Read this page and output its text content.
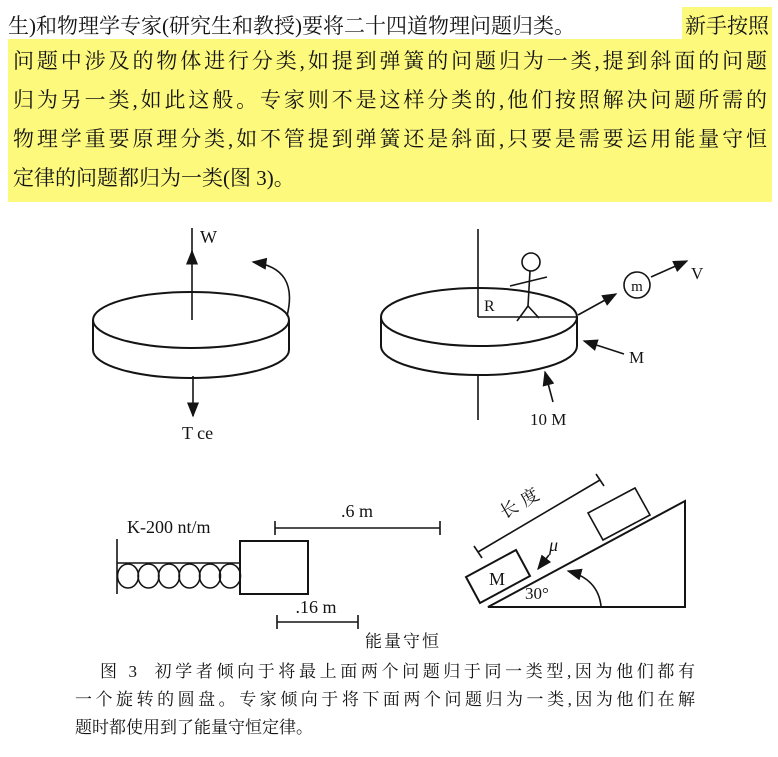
W
T ce
R
m
V
M
10 M
K-200 nt/m
.6 m
.16 m
能量守恒
M
长度
μ
30°
生)和物理学专家(研究生和教授)要将二十四道物理问题归类。	新手按照
问题中涉及的物体进行分类,如提到弹簧的问题归为一类,提到斜面的问题
归为另一类,如此这般。专家则不是这样分类的,他们按照解决问题所需的
物理学重要原理分类,如不管提到弹簧还是斜面,只要是需要运用能量守恒
定律的问题都归为一类(图 3)。
图 3 初学者倾向于将最上面两个问题归于同一类型,因为他们都有
一个旋转的圆盘。专家倾向于将下面两个问题归为一类,因为他们在解
题时都使用到了能量守恒定律。
